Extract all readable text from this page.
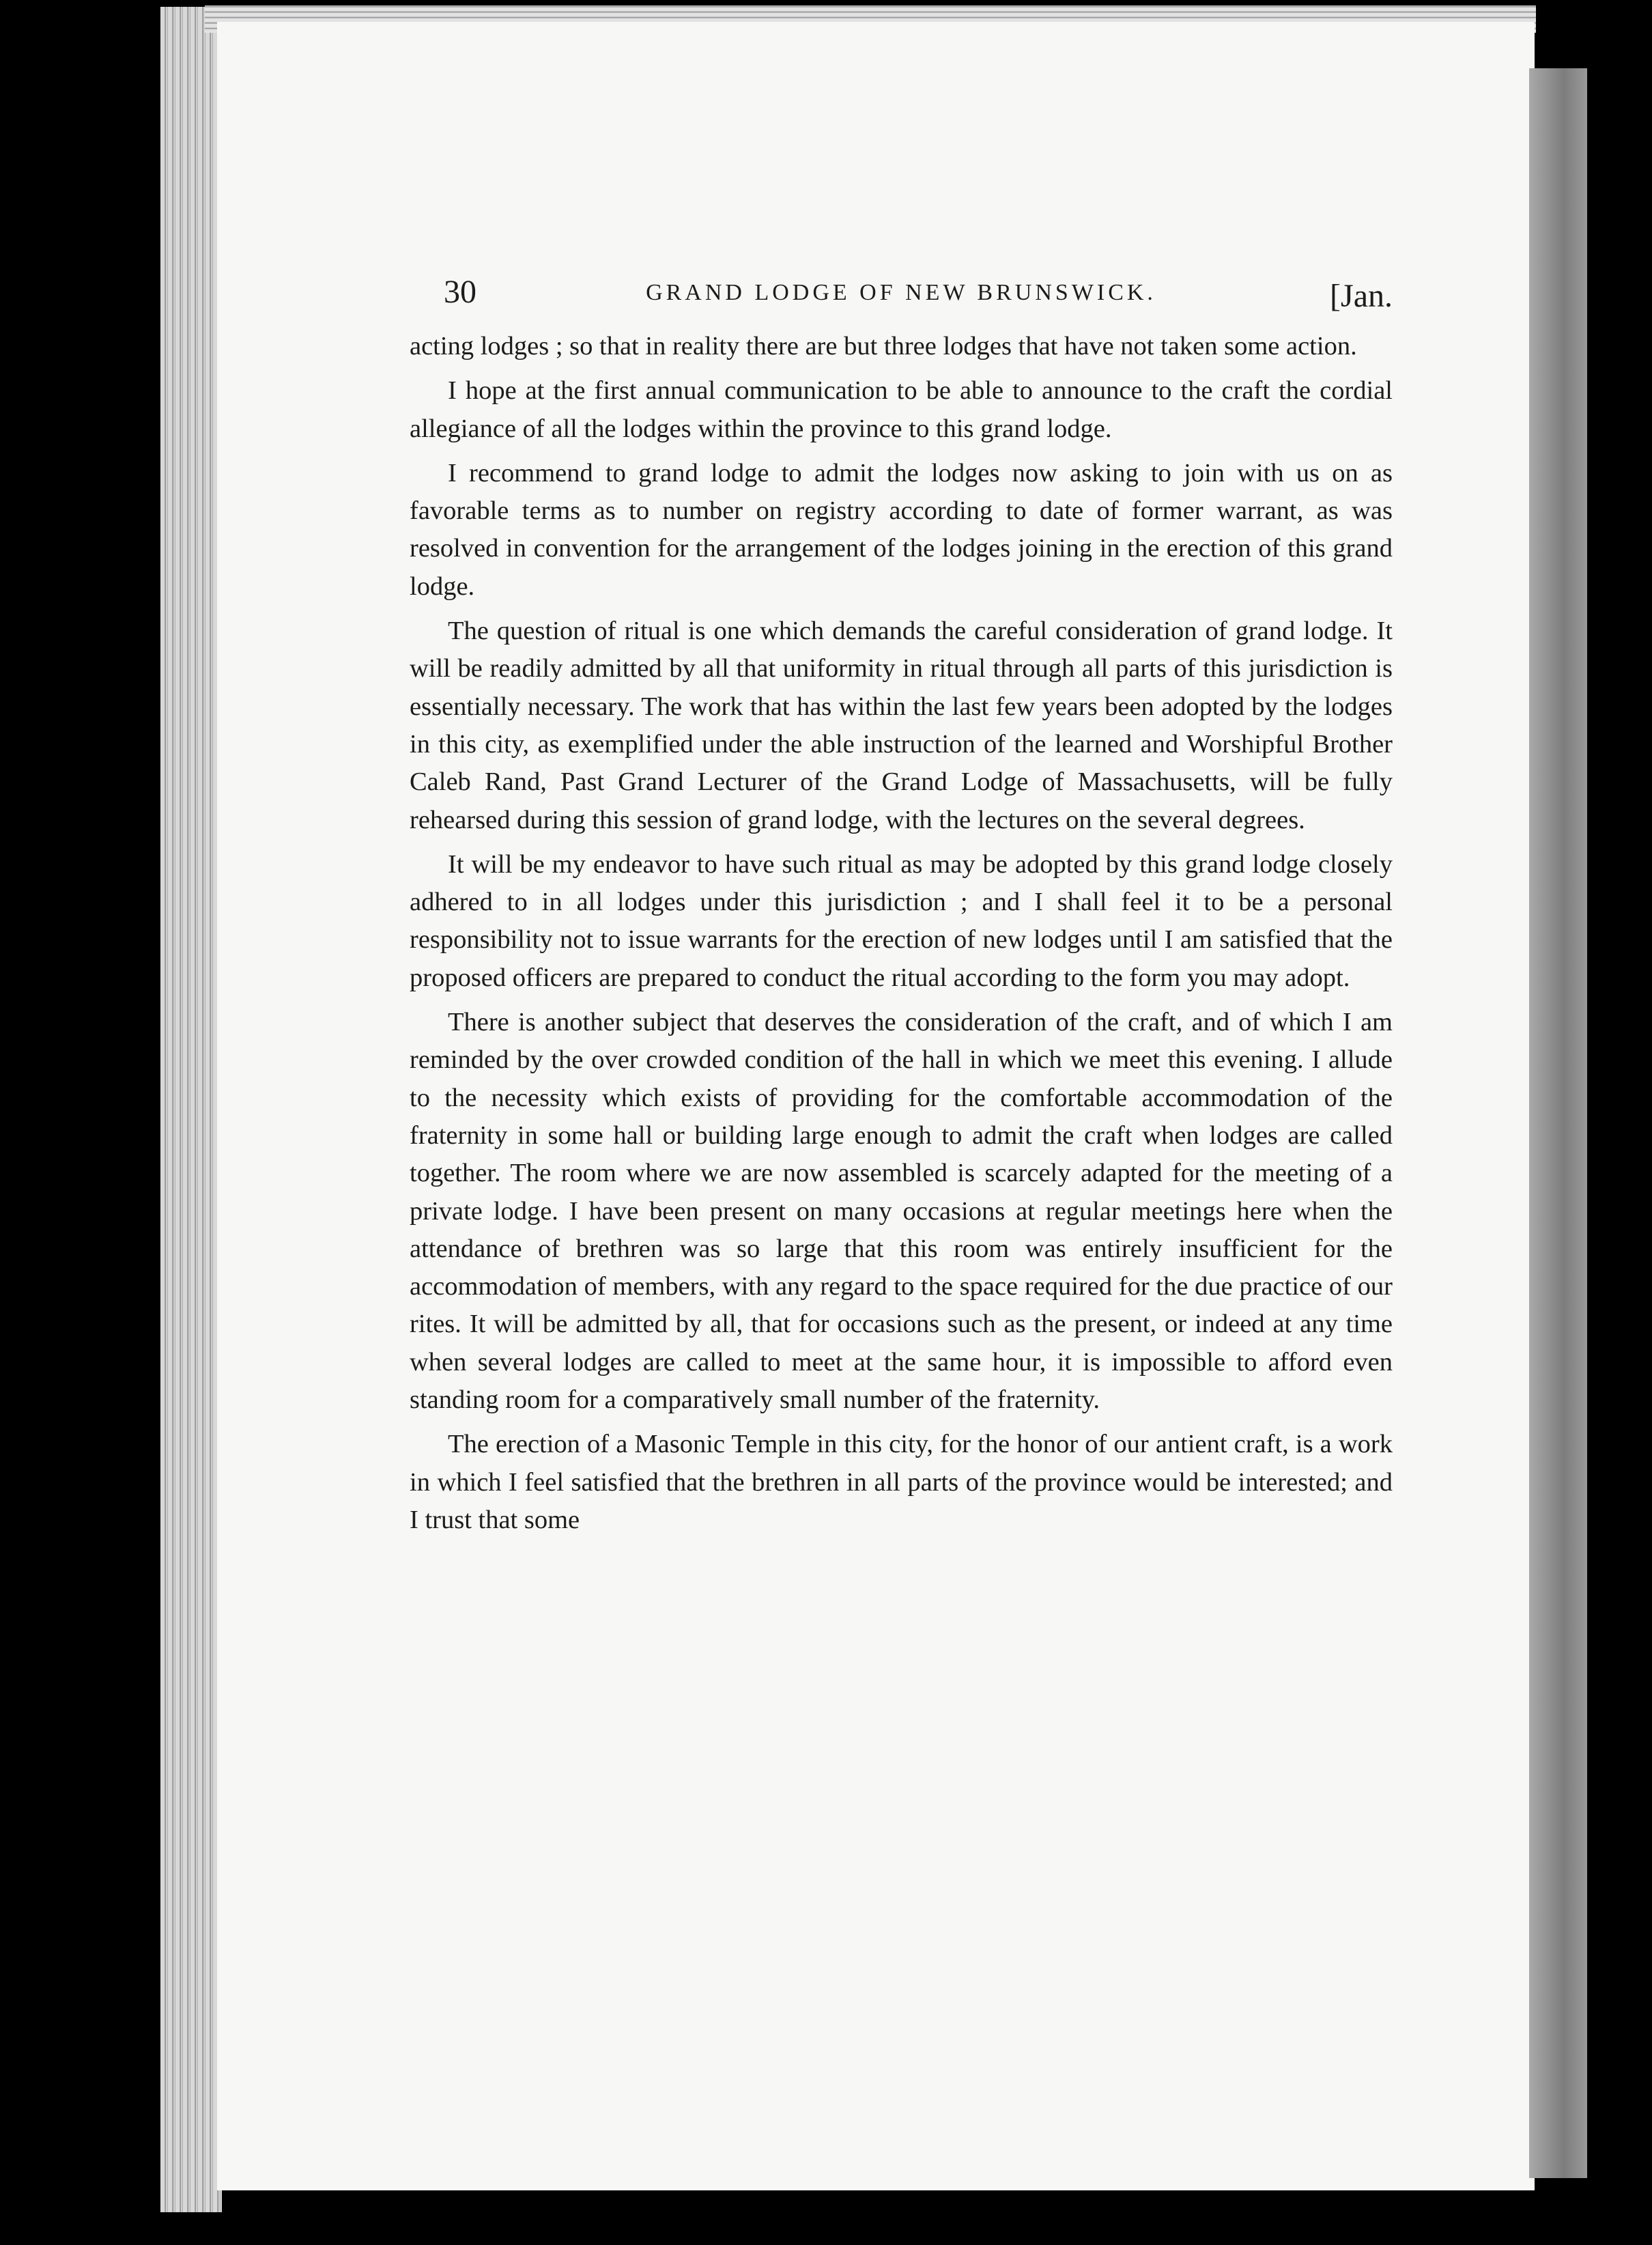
30	GRAND LODGE OF NEW BRUNSWICK.	[Jan.

acting lodges ; so that in reality there are but three lodges that have not taken some action.

I hope at the first annual communication to be able to announce to the craft the cordial allegiance of all the lodges within the province to this grand lodge.

I recommend to grand lodge to admit the lodges now asking to join with us on as favorable terms as to number on registry according to date of former warrant, as was resolved in convention for the arrangement of the lodges joining in the erection of this grand lodge.

The question of ritual is one which demands the careful consideration of grand lodge. It will be readily admitted by all that uniformity in ritual through all parts of this jurisdiction is essentially necessary. The work that has within the last few years been adopted by the lodges in this city, as exemplified under the able instruction of the learned and Worshipful Brother Caleb Rand, Past Grand Lecturer of the Grand Lodge of Massachusetts, will be fully rehearsed during this session of grand lodge, with the lectures on the several degrees.

It will be my endeavor to have such ritual as may be adopted by this grand lodge closely adhered to in all lodges under this jurisdiction ; and I shall feel it to be a personal responsibility not to issue warrants for the erection of new lodges until I am satisfied that the proposed officers are prepared to conduct the ritual according to the form you may adopt.

There is another subject that deserves the consideration of the craft, and of which I am reminded by the over crowded condition of the hall in which we meet this evening. I allude to the necessity which exists of providing for the comfortable accommodation of the fraternity in some hall or building large enough to admit the craft when lodges are called together. The room where we are now assembled is scarcely adapted for the meeting of a private lodge. I have been present on many occasions at regular meetings here when the attendance of brethren was so large that this room was entirely insufficient for the accommodation of members, with any regard to the space required for the due practice of our rites. It will be admitted by all, that for occasions such as the present, or indeed at any time when several lodges are called to meet at the same hour, it is impossible to afford even standing room for a comparatively small number of the fraternity.

The erection of a Masonic Temple in this city, for the honor of our antient craft, is a work in which I feel satisfied that the brethren in all parts of the province would be interested; and I trust that some
